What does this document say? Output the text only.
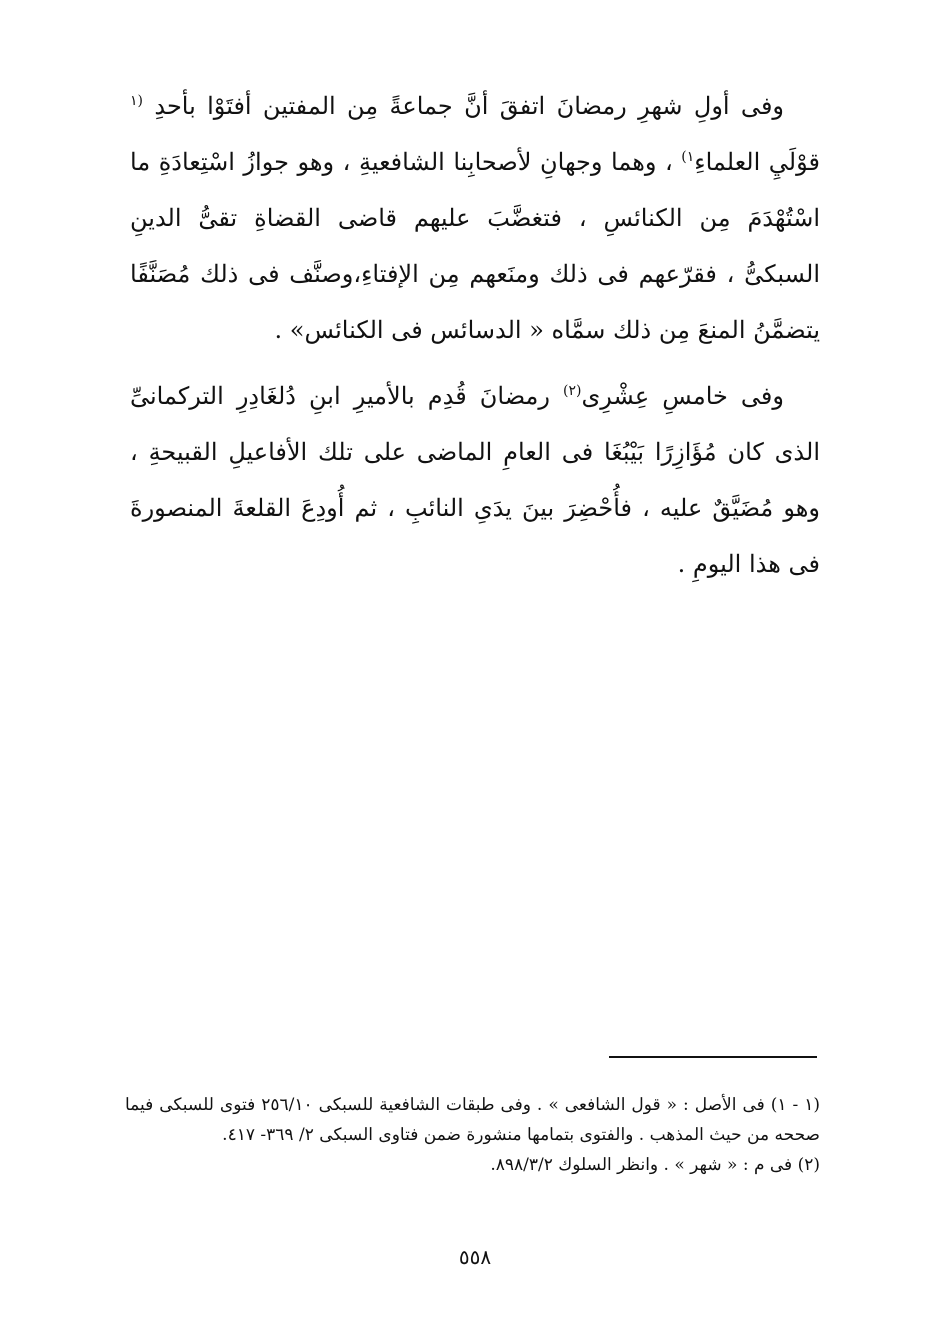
وفى أولِ شهرِ رمضانَ اتفقَ أنَّ جماعةً مِن المفتين أفتَوْا بأحدِ $^{(١}$ قوْلَيِ العلماءِ$^{١)}$ ، وهما وجهانِ لأصحابِنا الشافعيةِ ، وهو جوازُ اسْتِعادَةِ ما اسْتُهْدَمَ مِن الكنائسِ ، فتغضَّبَ عليهم قاضى القضاةِ تقىُّ الدينِ السبكىُّ ، فقرّعهم فى ذلك ومنَعهم مِن الإفتاءِ،وصنَّف فى ذلك مُصَنَّفًا يتضمَّنُ المنعَ مِن ذلك سمَّاه « الدسائس فى الكنائس» .

وفى خامسِ عِشْرِى$^{(٢)}$ رمضانَ قُدِم بالأميرِ ابنِ دُلغَادِرِ التركمانىِّ الذى كان مُؤَازِرًا بَيْبُغَا فى العامِ الماضى على تلك الأفاعيلِ القبيحةِ ، وهو مُضَيَّقٌ عليه ، فأُحْضِرَ بينَ يدَىِ النائبِ ، ثم أُودِعَ القلعةَ المنصورةَ فى هذا اليومِ .

(١ - ١) فى الأصل : « قول الشافعى » . وفى طبقات الشافعية للسبكى ٢٥٦/١٠ فتوى للسبكى فيما صححه من حيث المذهب . والفتوى بتمامها منشورة ضمن فتاوى السبكى ٢/ ٣٦٩- ٤١٧.

(٢) فى م : « شهر » . وانظر السلوك ٨٩٨/٣/٢.

٥٥٨
